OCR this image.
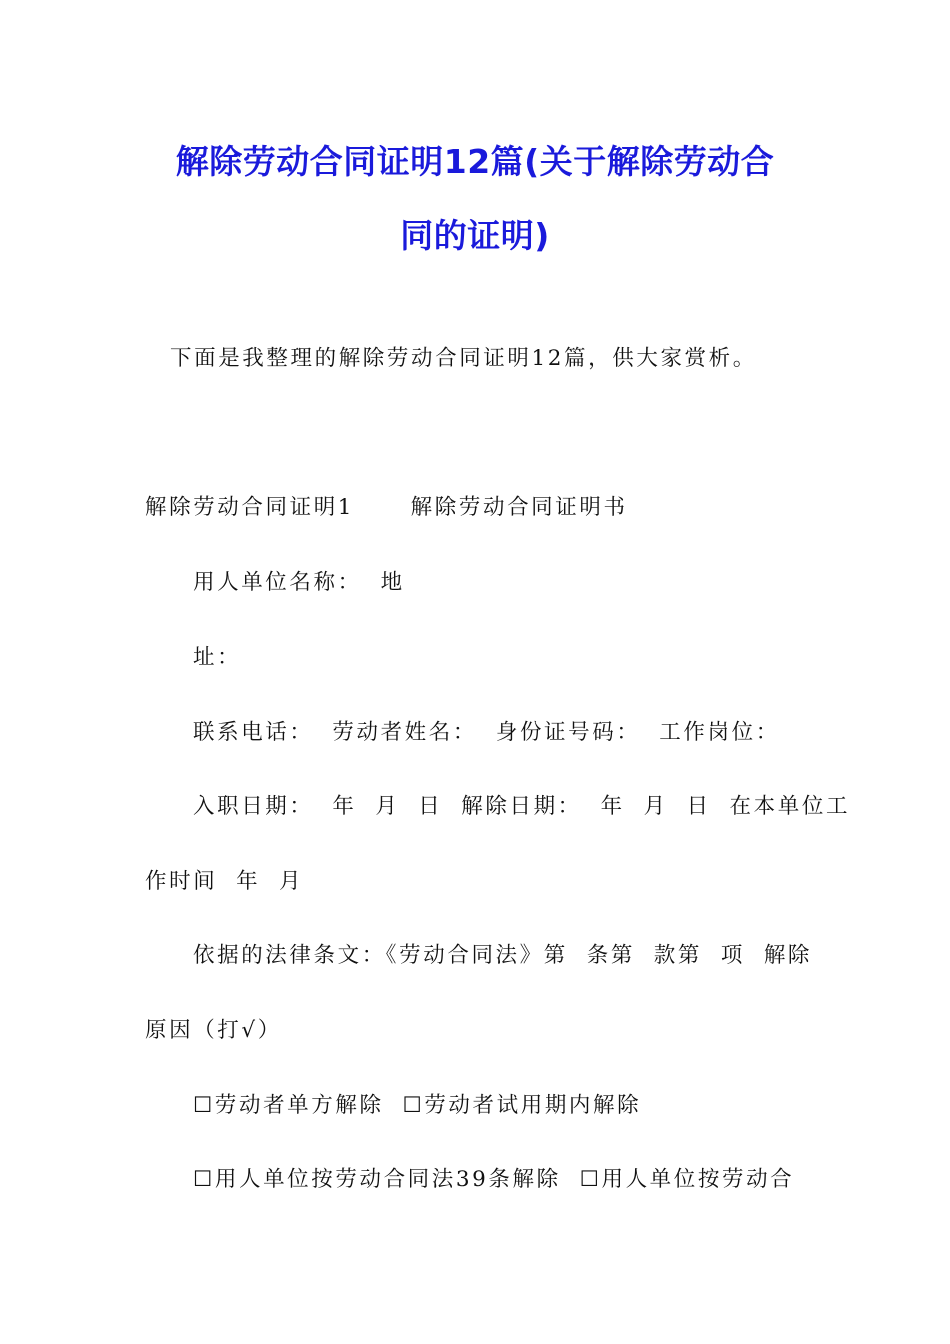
解除劳动合同证明12篇(关于解除劳动合
同的证明)
下面是我整理的解除劳动合同证明12篇，供大家赏析。
解除劳动合同证明1      解除劳动合同证明书
用人单位名称：  地
址：
联系电话：  劳动者姓名：  身份证号码：  工作岗位：
入职日期：  年  月  日  解除日期：  年  月  日  在本单位工
作时间  年  月
依据的法律条文：《劳动合同法》第  条第  款第  项  解除
原因（打√）
☐劳动者单方解除  ☐劳动者试用期内解除
☐用人单位按劳动合同法39条解除  ☐用人单位按劳动合
